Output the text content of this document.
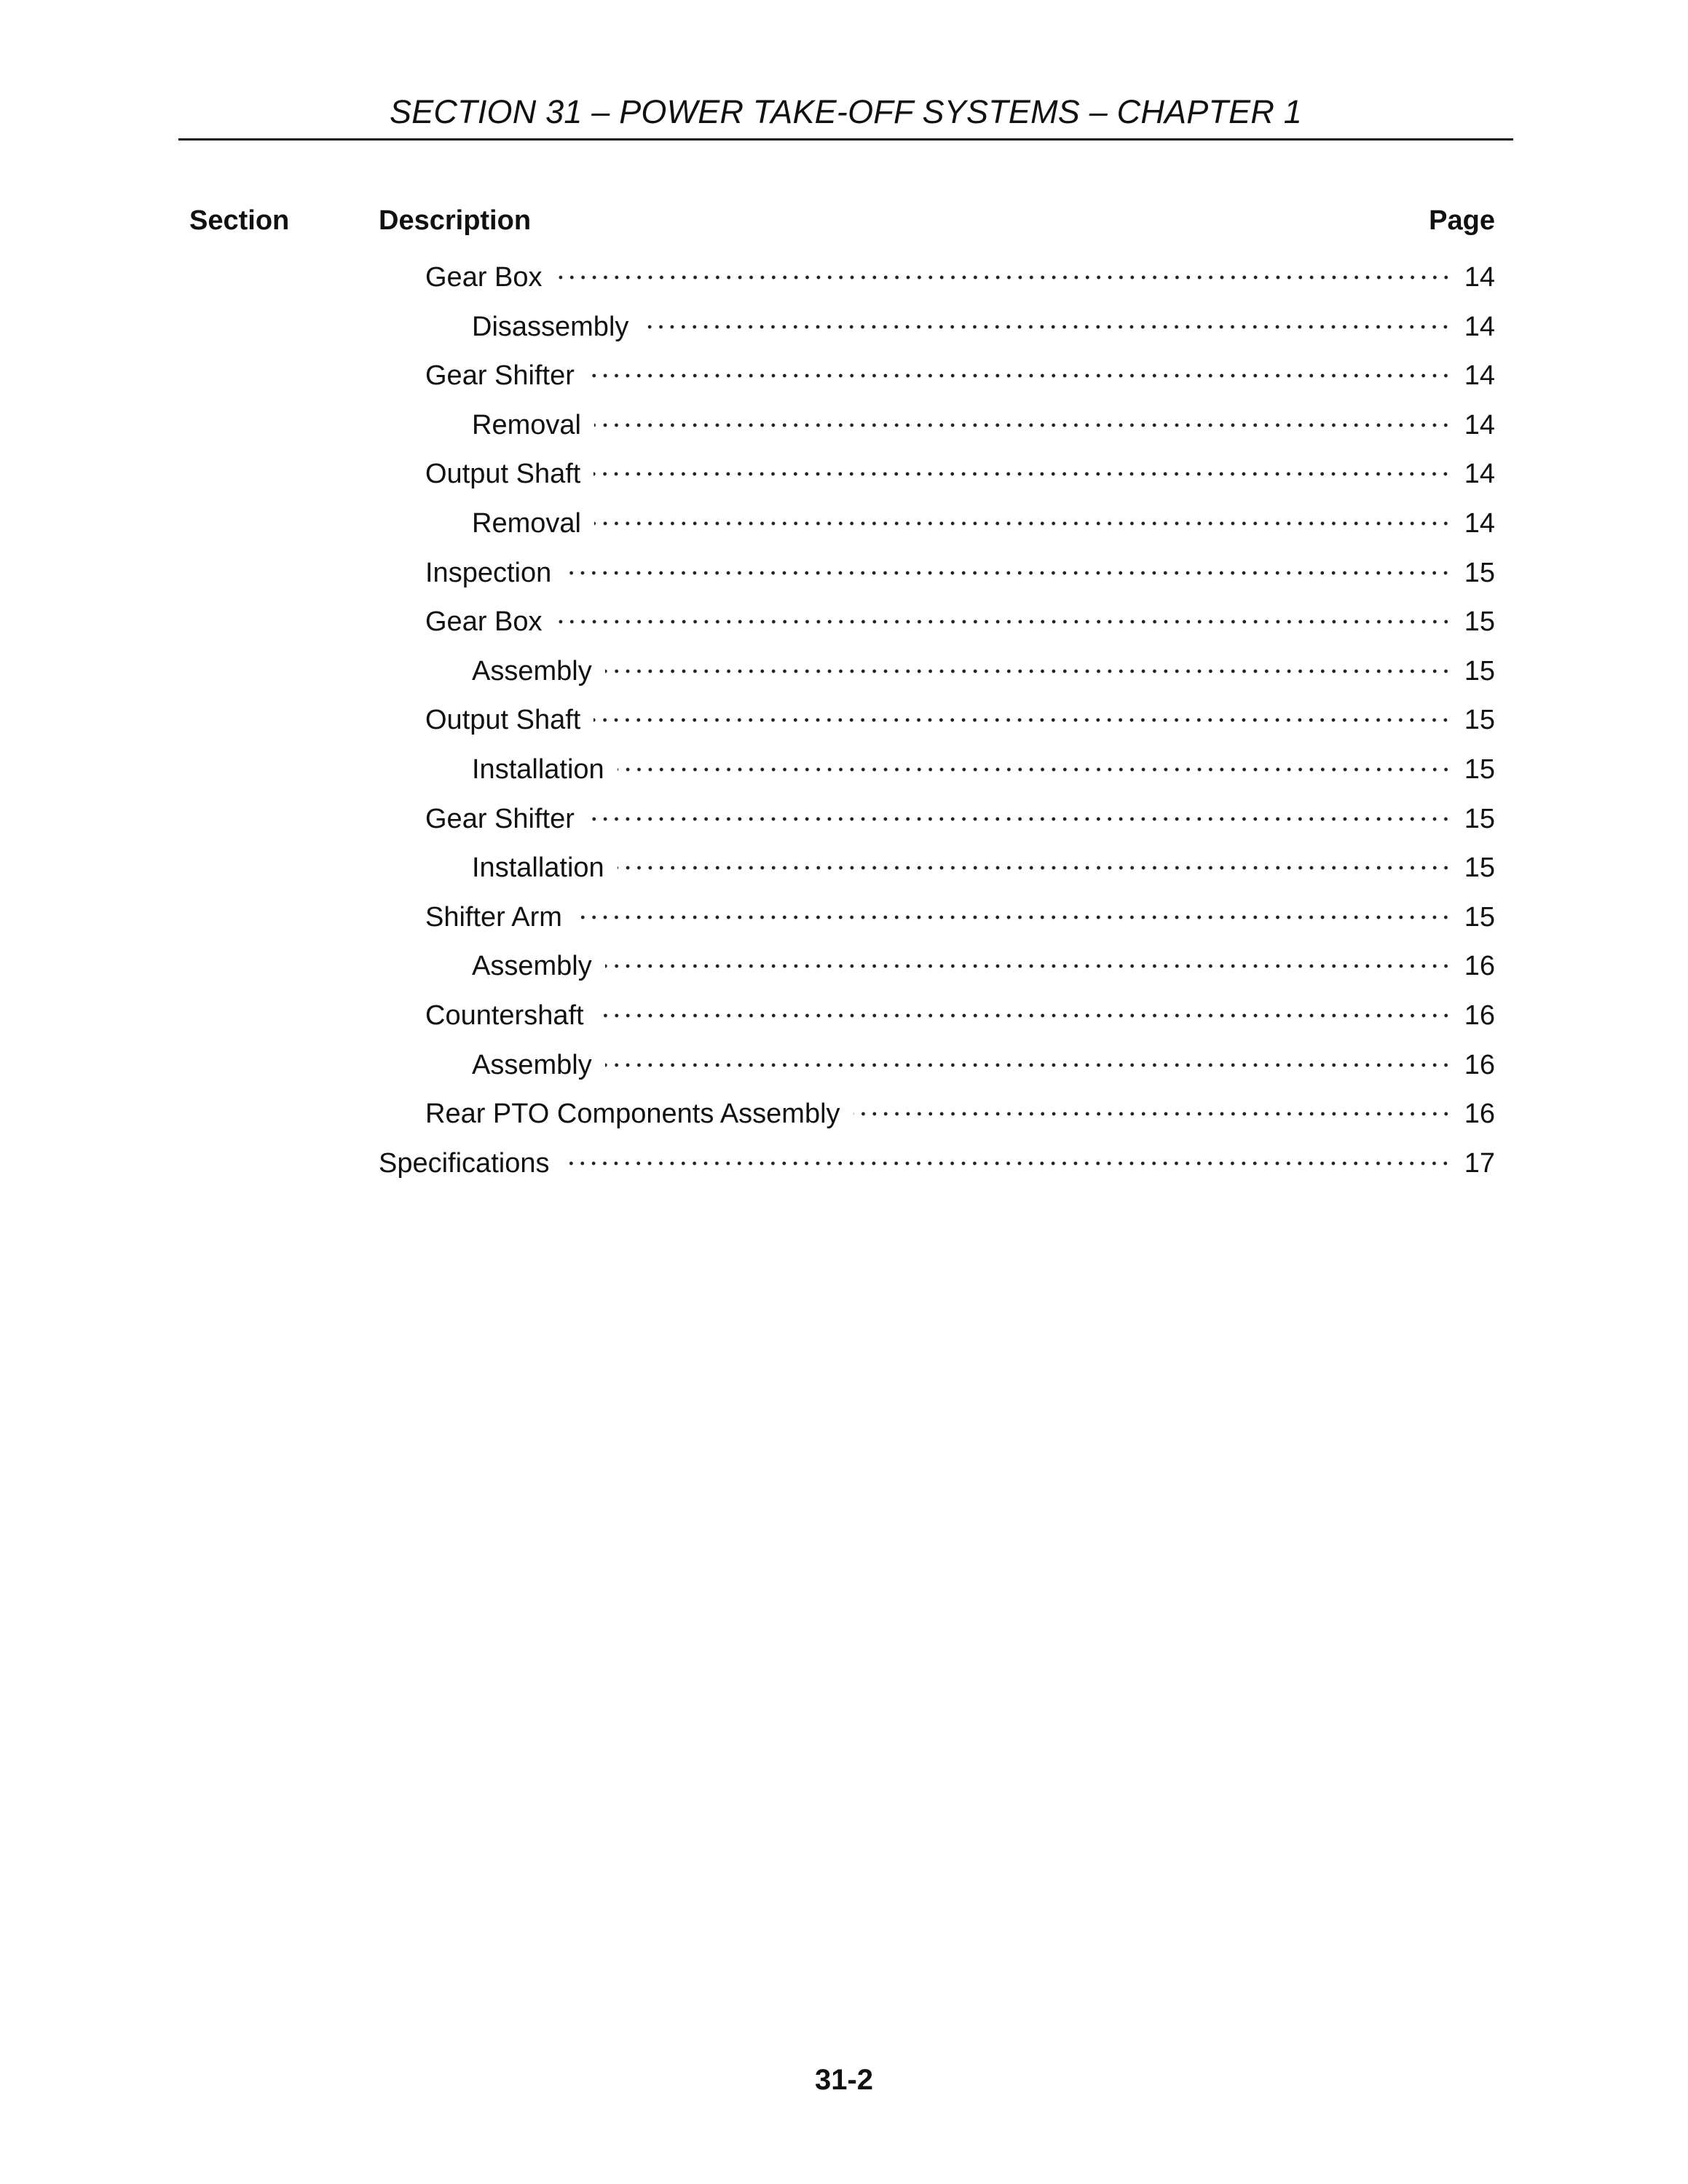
SECTION 31 – POWER TAKE-OFF SYSTEMS – CHAPTER 1
Section	Description	Page
Gear Box	14
Disassembly	14
Gear Shifter	14
Removal	14
Output Shaft	14
Removal	14
Inspection	15
Gear Box	15
Assembly	15
Output Shaft	15
Installation	15
Gear Shifter	15
Installation	15
Shifter Arm	15
Assembly	16
Countershaft	16
Assembly	16
Rear PTO Components Assembly	16
Specifications	17
31-2
